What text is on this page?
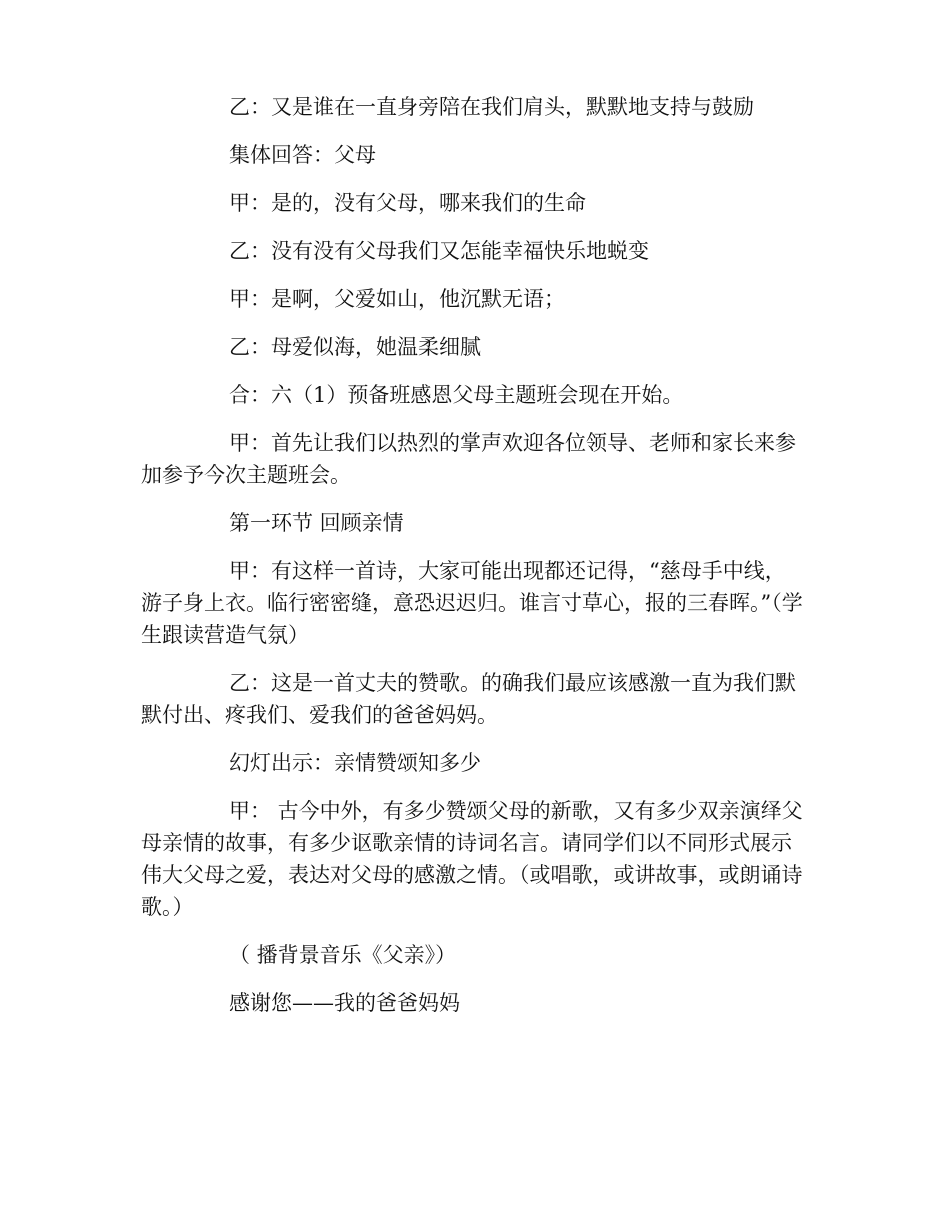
乙：又是谁在一直身旁陪在我们肩头，默默地支持与鼓励

集体回答：父母

甲：是的，没有父母，哪来我们的生命

乙：没有没有父母我们又怎能幸福快乐地蜕变

甲：是啊，父爱如山，他沉默无语；

乙：母爱似海，她温柔细腻

合：六（1）预备班感恩父母主题班会现在开始。

甲：首先让我们以热烈的掌声欢迎各位领导、老师和家长来参加参予今次主题班会。

第一环节 回顾亲情

甲：有这样一首诗，大家可能出现都还记得，“慈母手中线，游子身上衣。临行密密缝，意恐迟迟归。谁言寸草心，报的三春晖。”（学生跟读营造气氛）

乙：这是一首丈夫的赞歌。的确我们最应该感激一直为我们默默付出、疼我们、爱我们的爸爸妈妈。

幻灯出示：亲情赞颂知多少

甲： 古今中外，有多少赞颂父母的新歌，又有多少双亲演绎父母亲情的故事，有多少讴歌亲情的诗词名言。请同学们以不同形式展示伟大父母之爱，表达对父母的感激之情。（或唱歌，或讲故事，或朗诵诗歌。）

（ 播背景音乐《父亲》）

感谢您——我的爸爸妈妈
